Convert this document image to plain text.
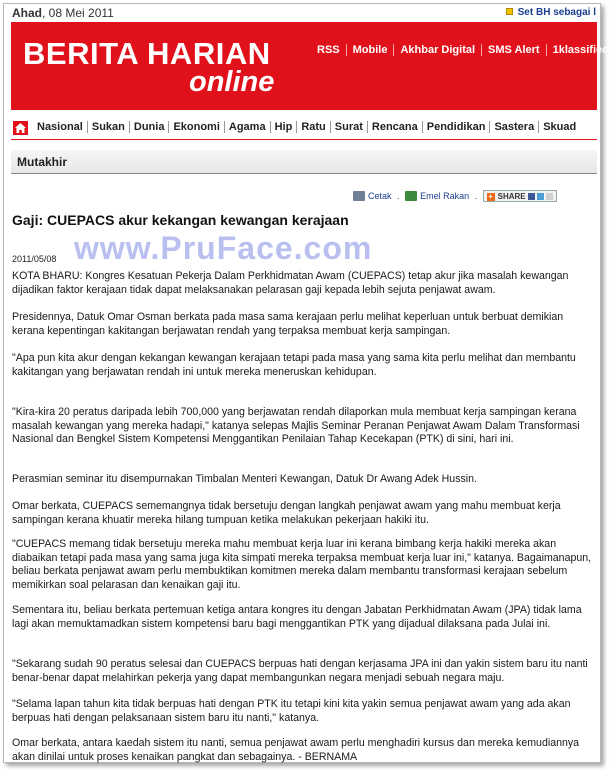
Ahad, 08 Mei 2011	Set BH sebagai l
BERITA HARIAN
online
RSS Mobile Akhbar Digital SMS Alert 1klassified
Nasional Sukan Dunia Ekonomi Agama Hip Ratu Surat Rencana Pendidikan Sastera Skuad
Mutakhir
Cetak . Emel Rakan . + SHARE
Gaji: CUEPACS akur kekangan kewangan kerajaan
www.PruFace.com
2011/05/08
KOTA BHARU: Kongres Kesatuan Pekerja Dalam Perkhidmatan Awam (CUEPACS) tetap akur jika masalah kewangan dijadikan faktor kerajaan tidak dapat melaksanakan pelarasan gaji kepada lebih sejuta penjawat awam.
Presidennya, Datuk Omar Osman berkata pada masa sama kerajaan perlu melihat keperluan untuk berbuat demikian kerana kepentingan kakitangan berjawatan rendah yang terpaksa membuat kerja sampingan.
"Apa pun kita akur dengan kekangan kewangan kerajaan tetapi pada masa yang sama kita perlu melihat dan membantu kakitangan yang berjawatan rendah ini untuk mereka meneruskan kehidupan.
"Kira-kira 20 peratus daripada lebih 700,000 yang berjawatan rendah dilaporkan mula membuat kerja sampingan kerana masalah kewangan yang mereka hadapi," katanya selepas Majlis Seminar Peranan Penjawat Awam Dalam Transformasi Nasional dan Bengkel Sistem Kompetensi Menggantikan Penilaian Tahap Kecekapan (PTK) di sini, hari ini.
Perasmian seminar itu disempurnakan Timbalan Menteri Kewangan, Datuk Dr Awang Adek Hussin.
Omar berkata, CUEPACS sememangnya tidak bersetuju dengan langkah penjawat awam yang mahu membuat kerja sampingan kerana khuatir mereka hilang tumpuan ketika melakukan pekerjaan hakiki itu.
"CUEPACS memang tidak bersetuju mereka mahu membuat kerja luar ini kerana bimbang kerja hakiki mereka akan diabaikan tetapi pada masa yang sama juga kita simpati mereka terpaksa membuat kerja luar ini," katanya. Bagaimanapun, beliau berkata penjawat awam perlu membuktikan komitmen mereka dalam membantu transformasi kerajaan sebelum memikirkan soal pelarasan dan kenaikan gaji itu.
Sementara itu, beliau berkata pertemuan ketiga antara kongres itu dengan Jabatan Perkhidmatan Awam (JPA) tidak lama lagi akan memuktamadkan sistem kompetensi baru bagi menggantikan PTK yang dijadual dilaksana pada Julai ini.
"Sekarang sudah 90 peratus selesai dan CUEPACS berpuas hati dengan kerjasama JPA ini dan yakin sistem baru itu nanti benar-benar dapat melahirkan pekerja yang dapat membangunkan negara menjadi sebuah negara maju.
"Selama lapan tahun kita tidak berpuas hati dengan PTK itu tetapi kini kita yakin semua penjawat awam yang ada akan berpuas hati dengan pelaksanaan sistem baru itu nanti," katanya.
Omar berkata, antara kaedah sistem itu nanti, semua penjawat awam perlu menghadiri kursus dan mereka kemudiannya akan dinilai untuk proses kenaikan pangkat dan sebagainya. - BERNAMA
